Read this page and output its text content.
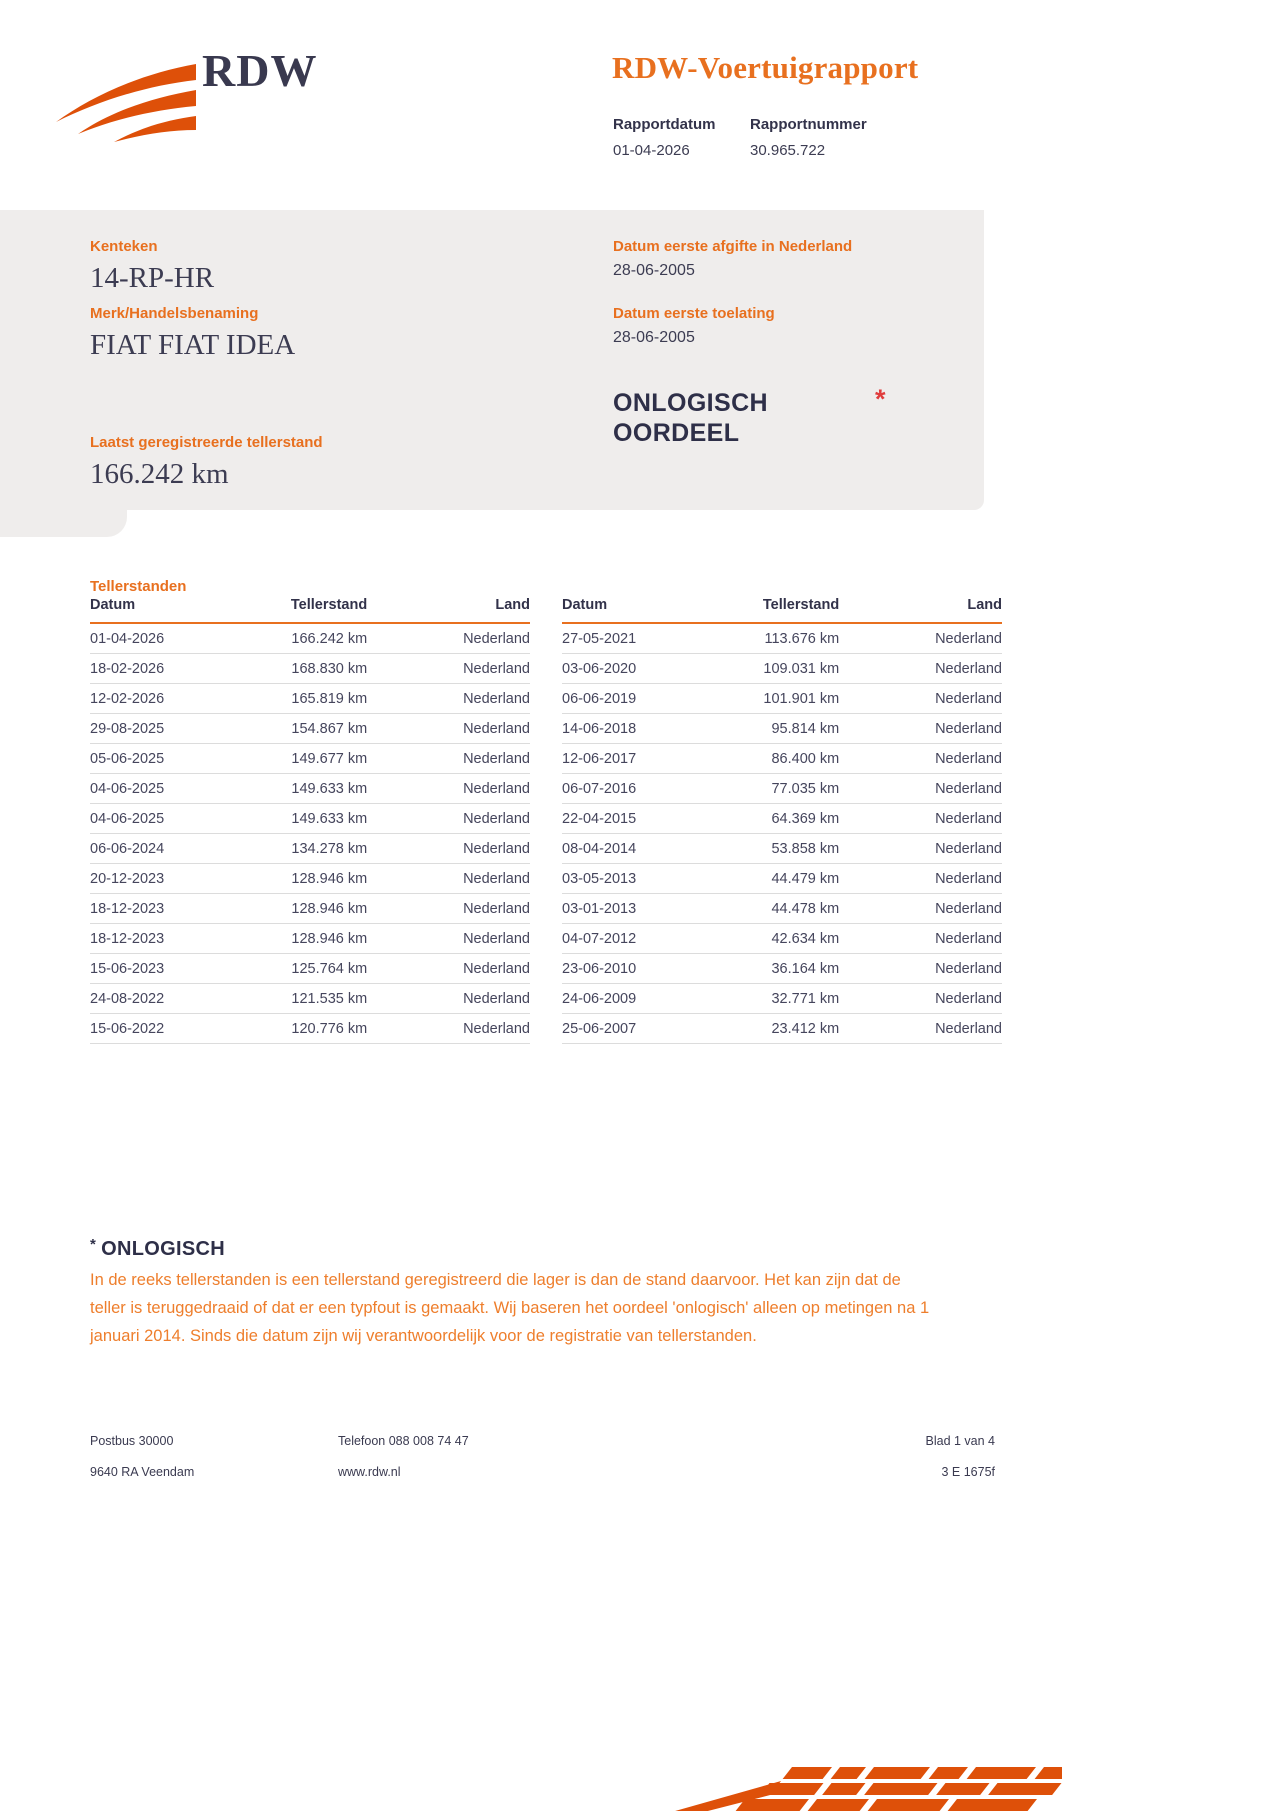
RDW	RDW-Voertuigrapport
Rapportdatum	Rapportnummer
01-04-2026	30.965.722
Kenteken
14-RP-HR
Merk/Handelsbenaming
FIAT FIAT IDEA
Laatst geregistreerde tellerstand
166.242 km
Datum eerste afgifte in Nederland
28-06-2005
Datum eerste toelating
28-06-2005
ONLOGISCH
OORDEEL
*
Tellerstanden
Datum	Tellerstand	Land
01-04-2026	166.242 km	Nederland
18-02-2026	168.830 km	Nederland
12-02-2026	165.819 km	Nederland
29-08-2025	154.867 km	Nederland
05-06-2025	149.677 km	Nederland
04-06-2025	149.633 km	Nederland
04-06-2025	149.633 km	Nederland
06-06-2024	134.278 km	Nederland
20-12-2023	128.946 km	Nederland
18-12-2023	128.946 km	Nederland
18-12-2023	128.946 km	Nederland
15-06-2023	125.764 km	Nederland
24-08-2022	121.535 km	Nederland
15-06-2022	120.776 km	Nederland
Datum	Tellerstand	Land
27-05-2021	113.676 km	Nederland
03-06-2020	109.031 km	Nederland
06-06-2019	101.901 km	Nederland
14-06-2018	95.814 km	Nederland
12-06-2017	86.400 km	Nederland
06-07-2016	77.035 km	Nederland
22-04-2015	64.369 km	Nederland
08-04-2014	53.858 km	Nederland
03-05-2013	44.479 km	Nederland
03-01-2013	44.478 km	Nederland
04-07-2012	42.634 km	Nederland
23-06-2010	36.164 km	Nederland
24-06-2009	32.771 km	Nederland
25-06-2007	23.412 km	Nederland
* ONLOGISCH

In de reeks tellerstanden is een tellerstand geregistreerd die lager is dan de stand daarvoor. Het kan zijn dat de teller is teruggedraaid of dat er een typfout is gemaakt. Wij baseren het oordeel 'onlogisch' alleen op metingen na 1 januari 2014. Sinds die datum zijn wij verantwoordelijk voor de registratie van tellerstanden.

Postbus 30000	Telefoon 088 008 74 47	Blad 1 van 4
9640 RA Veendam	www.rdw.nl	3 E 1675f
